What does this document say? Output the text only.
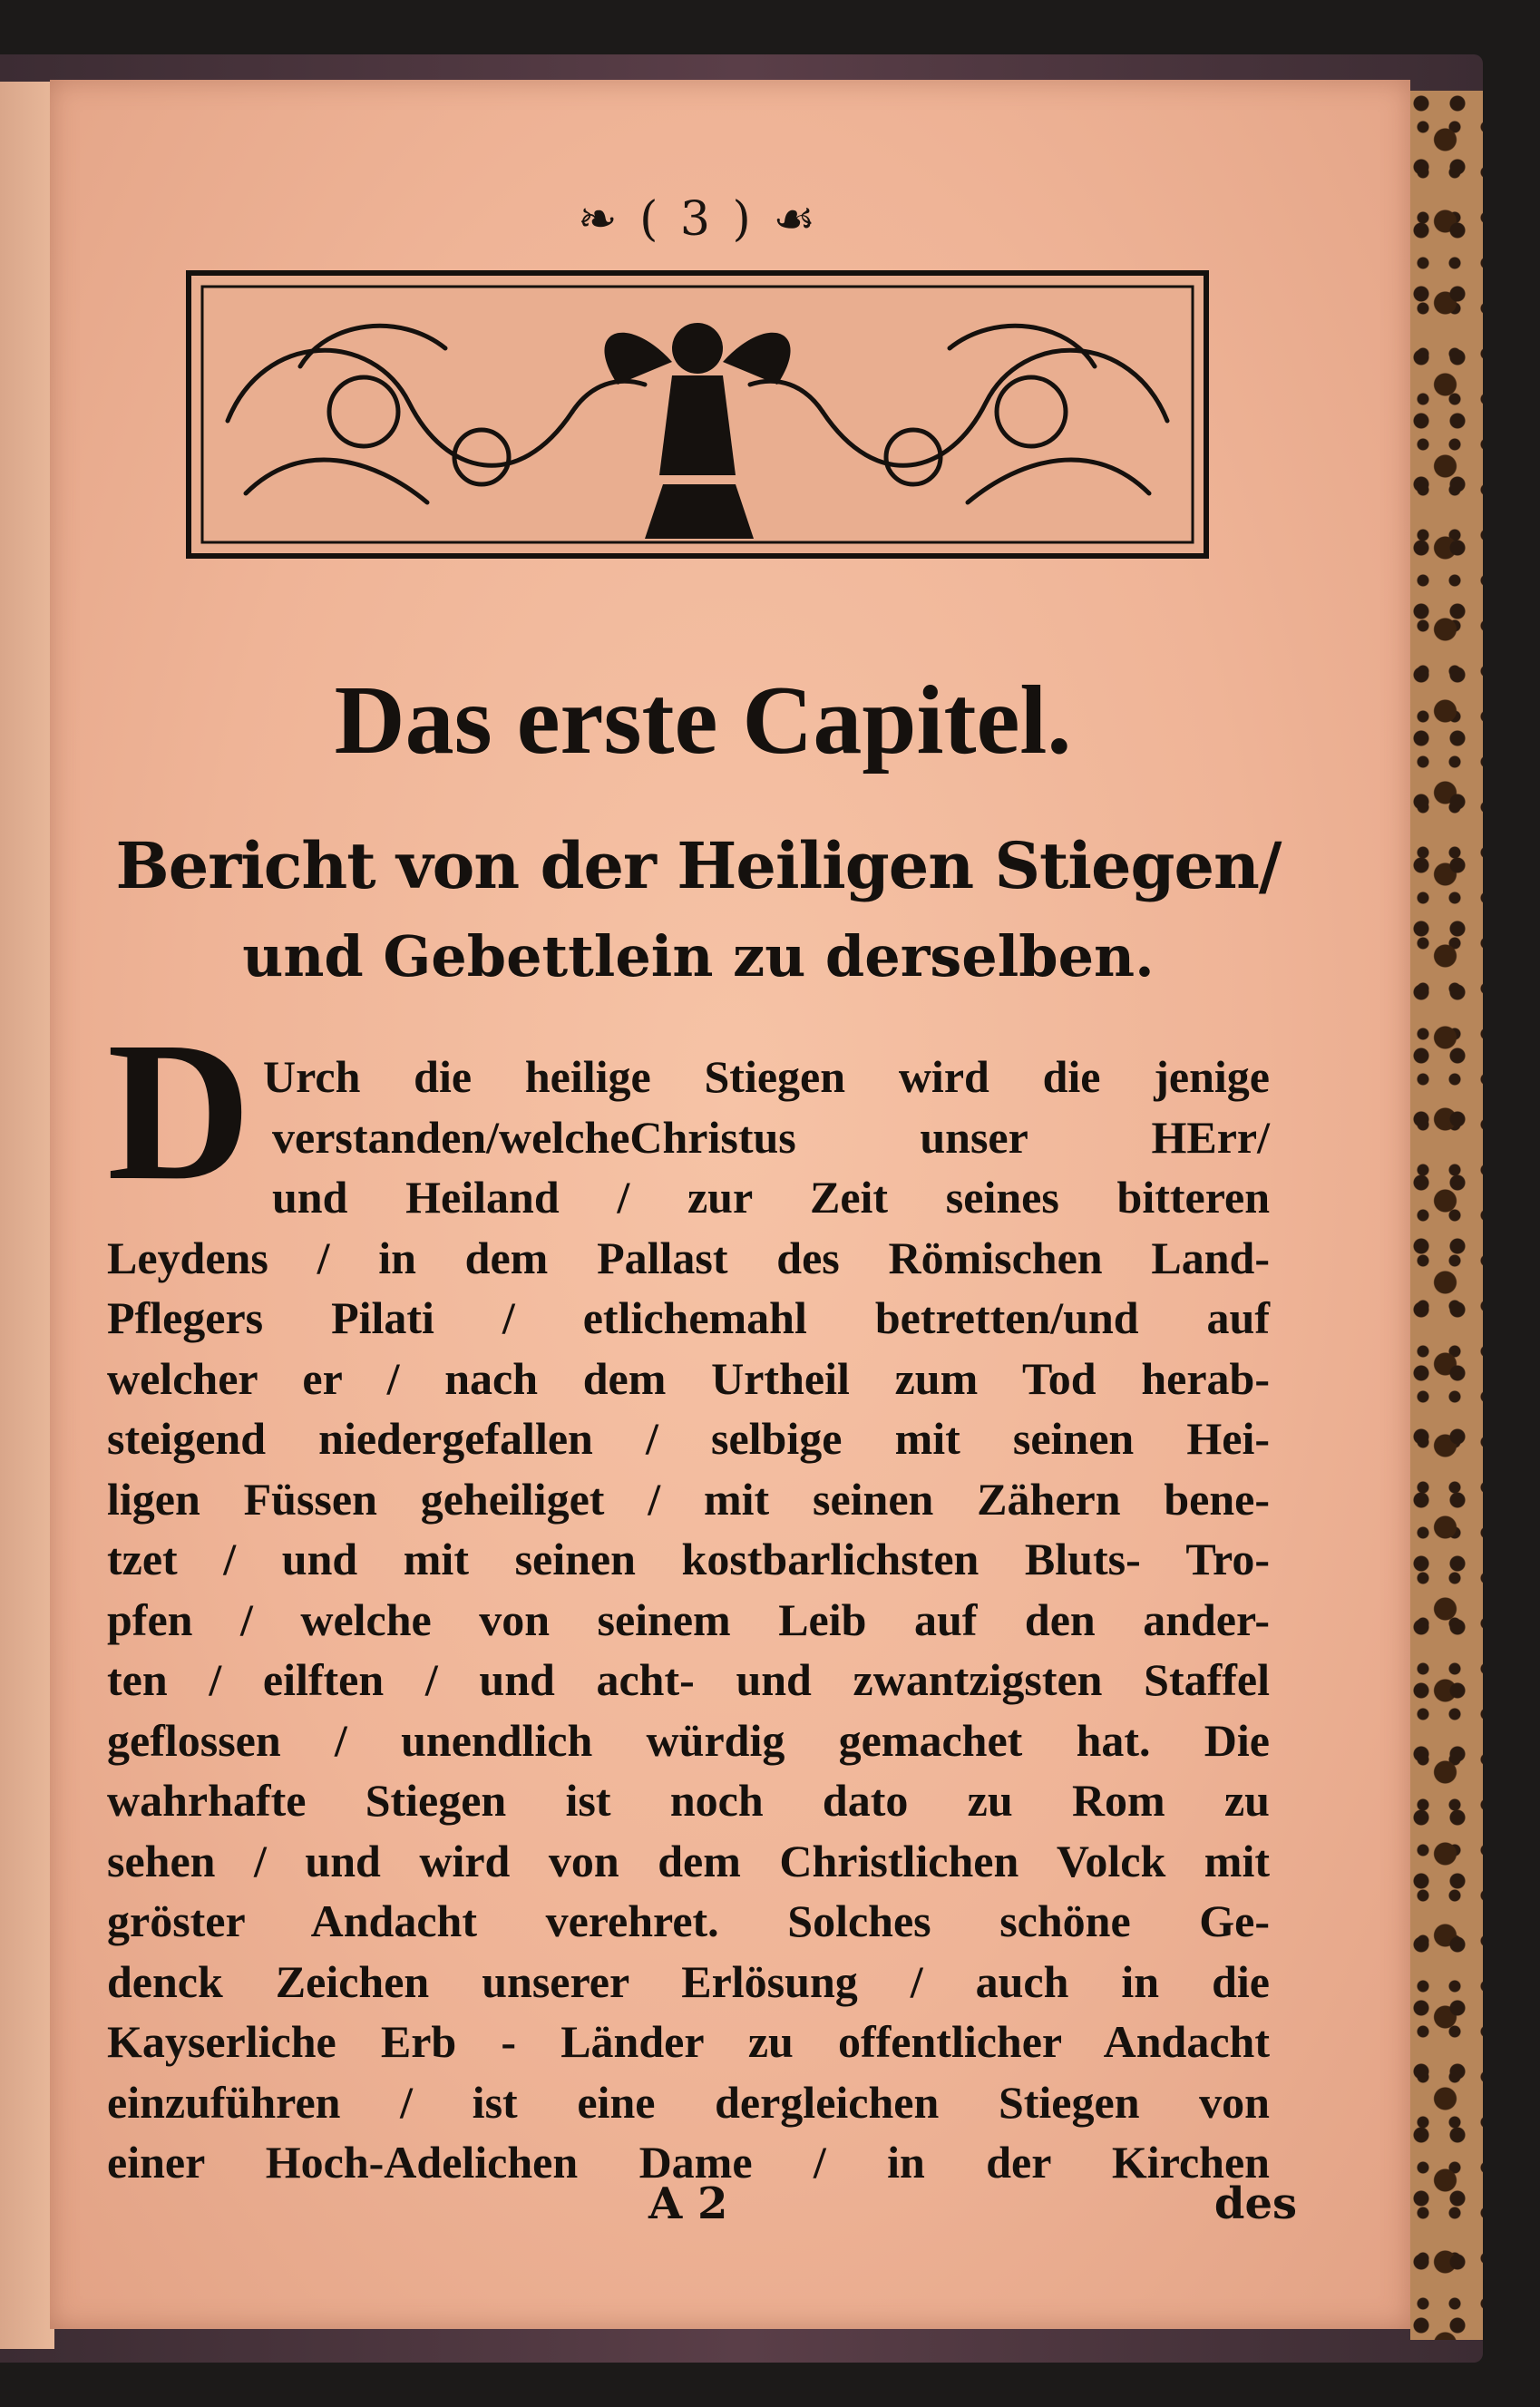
❧ ( 3 ) ☙
Das erste Capitel.
Bericht von der Heiligen Stiegen/
und Gebettlein zu derselben.
D Urch die heilige Stiegen wird die jenige
verstanden/welcheChristus unser HErr/
und Heiland / zur Zeit seines bitteren
Leydens / in dem Pallast des Römischen Land-
Pflegers Pilati / etlichemahl betretten/und auf
welcher er / nach dem Urtheil zum Tod herab-
steigend niedergefallen / selbige mit seinen Hei-
ligen Füssen geheiliget / mit seinen Zähern bene-
tzet / und mit seinen kostbarlichsten Bluts- Tro-
pfen / welche von seinem Leib auf den ander-
ten / eilften / und acht- und zwantzigsten Staffel
geflossen / unendlich würdig gemachet hat. Die
wahrhafte Stiegen ist noch dato zu Rom zu
sehen / und wird von dem Christlichen Volck mit
gröster Andacht verehret. Solches schöne Ge-
denck Zeichen unserer Erlösung / auch in die
Kayserliche Erb - Länder zu offentlicher Andacht
einzuführen / ist eine dergleichen Stiegen von
einer Hoch-Adelichen Dame / in der Kirchen
A 2	des
